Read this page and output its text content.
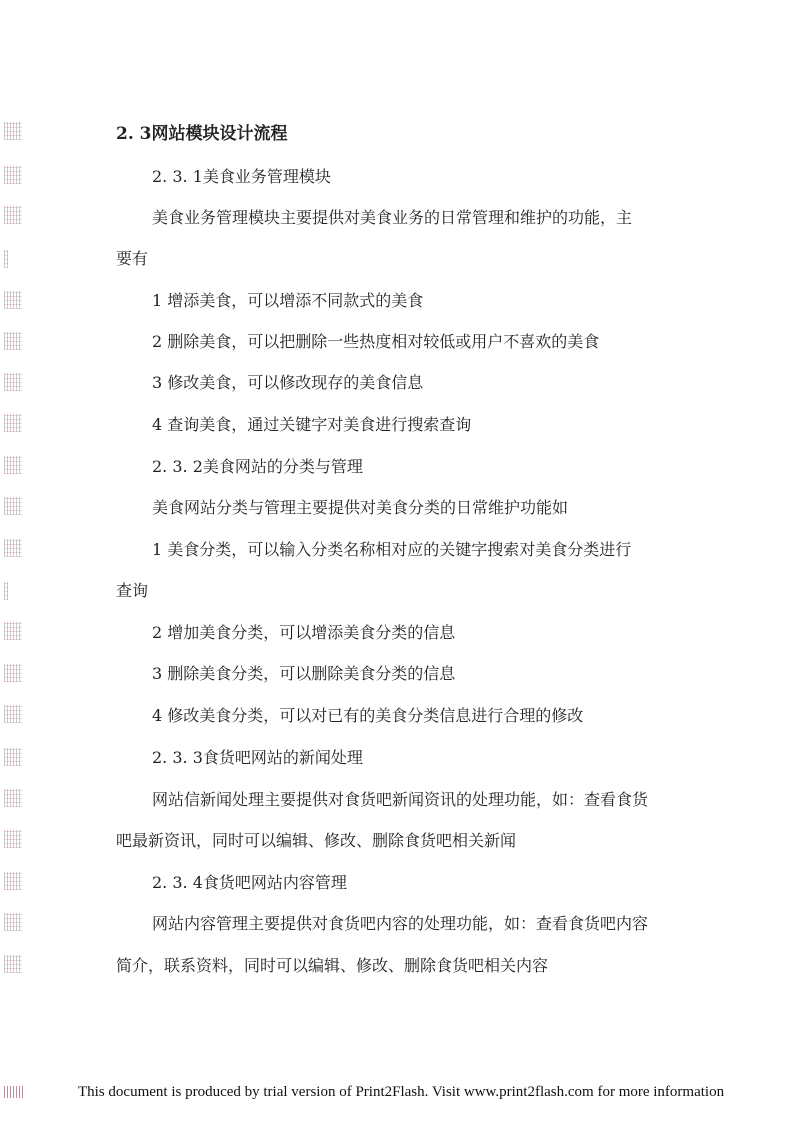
2. 3网站模块设计流程
2. 3. 1美食业务管理模块
美食业务管理模块主要提供对美食业务的日常管理和维护的功能，主
要有
1 增添美食，可以增添不同款式的美食
2 删除美食，可以把删除一些热度相对较低或用户不喜欢的美食
3 修改美食，可以修改现存的美食信息
4 查询美食，通过关键字对美食进行搜索查询
2. 3. 2美食网站的分类与管理
美食网站分类与管理主要提供对美食分类的日常维护功能如
1 美食分类，可以输入分类名称相对应的关键字搜索对美食分类进行
查询
2 增加美食分类，可以增添美食分类的信息
3 删除美食分类，可以删除美食分类的信息
4 修改美食分类，可以对已有的美食分类信息进行合理的修改
2. 3. 3食货吧网站的新闻处理
网站信新闻处理主要提供对食货吧新闻资讯的处理功能，如：查看食货
吧最新资讯，同时可以编辑、修改、删除食货吧相关新闻
2. 3. 4食货吧网站内容管理
网站内容管理主要提供对食货吧内容的处理功能，如：查看食货吧内容
简介，联系资料，同时可以编辑、修改、删除食货吧相关内容
This document is produced by trial version of Print2Flash. Visit www.print2flash.com for more information
